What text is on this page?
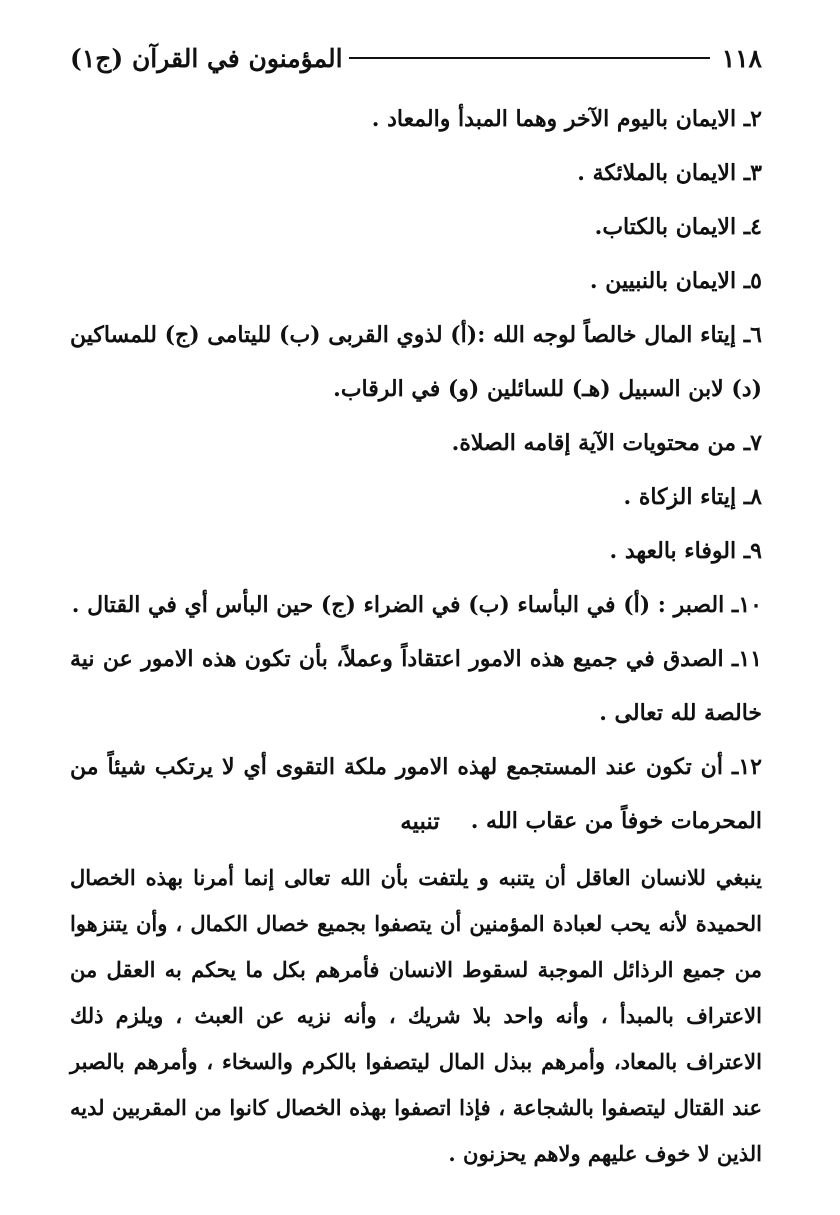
١١٨
المؤمنون في القرآن (ج١)
٢ـ الايمان باليوم الآخر وهما المبدأ والمعاد .
٣ـ الايمان بالملائكة .
٤ـ الايمان بالكتاب.
٥ـ الايمان بالنبيين .
٦ـ إيتاء المال خالصاً لوجه الله :(أ) لذوي القربى (ب) لليتامى (ج) للمساكين (د) لابن السبيل (هـ) للسائلين (و) في الرقاب.
٧ـ من محتويات الآية إقامه الصلاة.
٨ـ إيتاء الزكاة .
٩ـ الوفاء بالعهد .
١٠ـ الصبر : (أ) في البأساء (ب) في الضراء (ج) حين البأس أي في القتال .
١١ـ الصدق في جميع هذه الامور اعتقاداً وعملاً، بأن تكون هذه الامور عن نية خالصة لله تعالى .
١٢ـ أن تكون عند المستجمع لهذه الامور ملكة التقوى أي لا يرتكب شيئاً من المحرمات خوفاً من عقاب الله .
تنبيه

ينبغي للانسان العاقل أن يتنبه و يلتفت بأن الله تعالى إنما أمرنا بهذه الخصال الحميدة لأنه يحب لعبادة المؤمنين أن يتصفوا بجميع خصال الكمال ، وأن يتنزهوا من جميع الرذائل الموجبة لسقوط الانسان فأمرهم بكل ما يحكم به العقل من الاعتراف بالمبدأ ، وأنه واحد بلا شريك ، وأنه نزيه عن العبث ، ويلزم ذلك الاعتراف بالمعاد، وأمرهم ببذل المال ليتصفوا بالكرم والسخاء ، وأمرهم بالصبر عند القتال ليتصفوا بالشجاعة ، فإذا اتصفوا بهذه الخصال كانوا من المقربين لديه الذين لا خوف عليهم ولاهم يحزنون .
